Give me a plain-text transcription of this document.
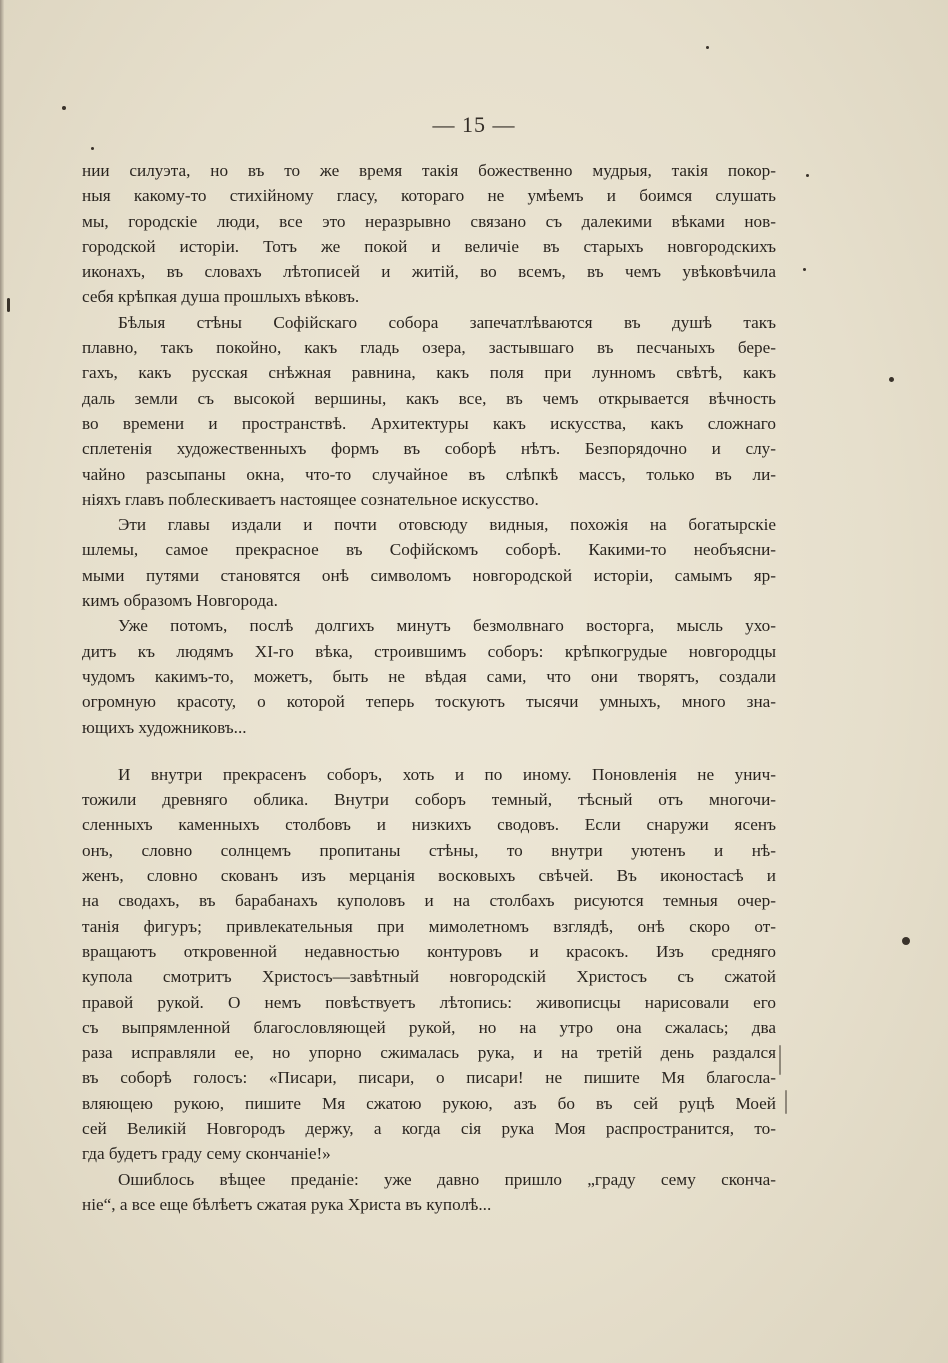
— 15 —
нии силуэта, но въ то же время такія божественно мудрыя, такія покор-
ныя какому-то стихійному гласу, котораго не умѣемъ и боимся слушать
мы, городскіе люди, все это неразрывно связано съ далекими вѣками нов-
городской исторіи. Тотъ же покой и величіе въ старыхъ новгородскихъ
иконахъ, въ словахъ лѣтописей и житій, во всемъ, въ чемъ увѣковѣчила
себя крѣпкая душа прошлыхъ вѣковъ.
Бѣлыя стѣны Софійскаго собора запечатлѣваются въ душѣ такъ
плавно, такъ покойно, какъ гладь озера, застывшаго въ песчаныхъ бере-
гахъ, какъ русская снѣжная равнина, какъ поля при лунномъ свѣтѣ, какъ
даль земли съ высокой вершины, какъ все, въ чемъ открывается вѣчность
во времени и пространствѣ. Архитектуры какъ искусства, какъ сложнаго
сплетенія художественныхъ формъ въ соборѣ нѣтъ. Безпорядочно и слу-
чайно разсыпаны окна, что-то случайное въ слѣпкѣ массъ, только въ ли-
ніяхъ главъ поблескиваетъ настоящее сознательное искусство.
Эти главы издали и почти отовсюду видныя, похожія на богатырскіе
шлемы, самое прекрасное въ Софійскомъ соборѣ. Какими-то необъясни-
мыми путями становятся онѣ символомъ новгородской исторіи, самымъ яр-
кимъ образомъ Новгорода.
Уже потомъ, послѣ долгихъ минутъ безмолвнаго восторга, мысль ухо-
дитъ къ людямъ XI-го вѣка, строившимъ соборъ: крѣпкогрудые новгородцы
чудомъ какимъ-то, можетъ, быть не вѣдая сами, что они творятъ, создали
огромную красоту, о которой теперь тоскуютъ тысячи умныхъ, много зна-
ющихъ художниковъ...
И внутри прекрасенъ соборъ, хоть и по иному. Поновленія не унич-
тожили древняго облика. Внутри соборъ темный, тѣсный отъ многочи-
сленныхъ каменныхъ столбовъ и низкихъ сводовъ. Если снаружи ясенъ
онъ, словно солнцемъ пропитаны стѣны, то внутри уютенъ и нѣ-
женъ, словно скованъ изъ мерцанія восковыхъ свѣчей. Въ иконостасѣ и
на сводахъ, въ барабанахъ куполовъ и на столбахъ рисуются темныя очер-
танія фигуръ; привлекательныя при мимолетномъ взглядѣ, онѣ скоро от-
вращаютъ откровенной недавностью контуровъ и красокъ. Изъ средняго
купола смотритъ Христосъ—завѣтный новгородскій Христосъ съ сжатой
правой рукой. О немъ повѣствуетъ лѣтопись: живописцы нарисовали его
съ выпрямленной благословляющей рукой, но на утро она сжалась; два
раза исправляли ее, но упорно сжималась рука, и на третій день раздался
въ соборѣ голосъ: «Писари, писари, о писари! не пишите Мя благосла-
вляющею рукою, пишите Мя сжатою рукою, азъ бо въ сей руцѣ Моей
сей Великій Новгородъ держу, а когда сія рука Моя распространится, то-
гда будетъ граду сему скончаніе!»
Ошиблось вѣщее преданіе: уже давно пришло „граду сему сконча-
ніе“, а все еще бѣлѣетъ сжатая рука Христа въ куполѣ...
